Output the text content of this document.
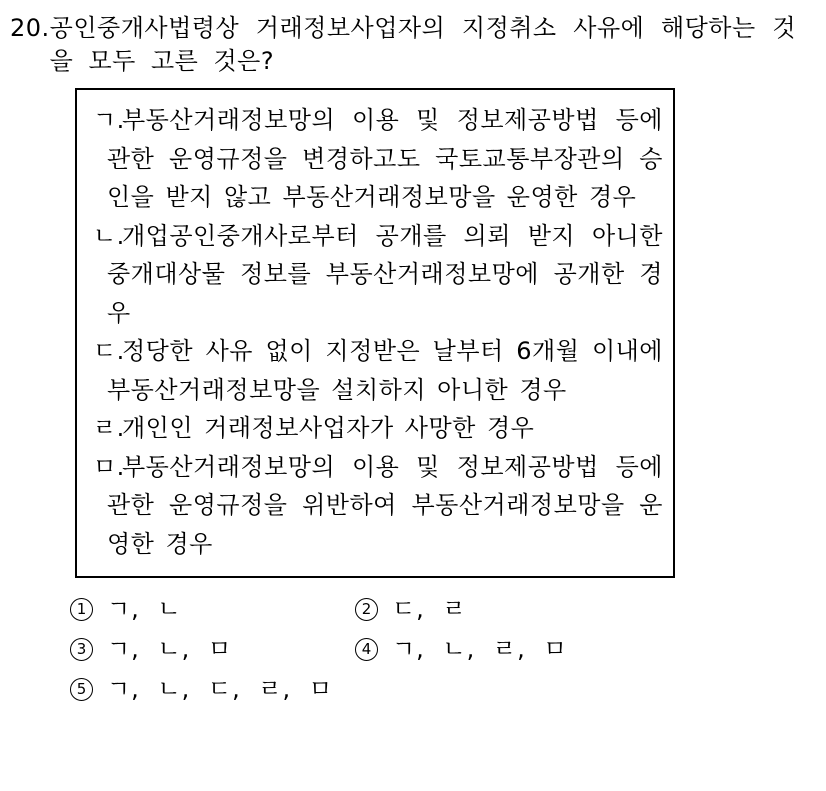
20. 공인중개사법령상 거래정보사업자의 지정취소 사유에 해당하는 것을 모두 고른 것은?
ㄱ.부동산거래정보망의 이용 및 정보제공방법 등에 관한 운영규정을 변경하고도 국토교통부장관의 승인을 받지 않고 부동산거래정보망을 운영한 경우
ㄴ.개업공인중개사로부터 공개를 의뢰 받지 아니한 중개대상물 정보를 부동산거래정보망에 공개한 경우
ㄷ.정당한 사유 없이 지정받은 날부터 6개월 이내에 부동산거래정보망을 설치하지 아니한 경우
ㄹ.개인인 거래정보사업자가 사망한 경우
ㅁ.부동산거래정보망의 이용 및 정보제공방법 등에 관한 운영규정을 위반하여 부동산거래정보망을 운영한 경우
1 ㄱ, ㄴ	2 ㄷ, ㄹ
3 ㄱ, ㄴ, ㅁ	4 ㄱ, ㄴ, ㄹ, ㅁ
5 ㄱ, ㄴ, ㄷ, ㄹ, ㅁ
